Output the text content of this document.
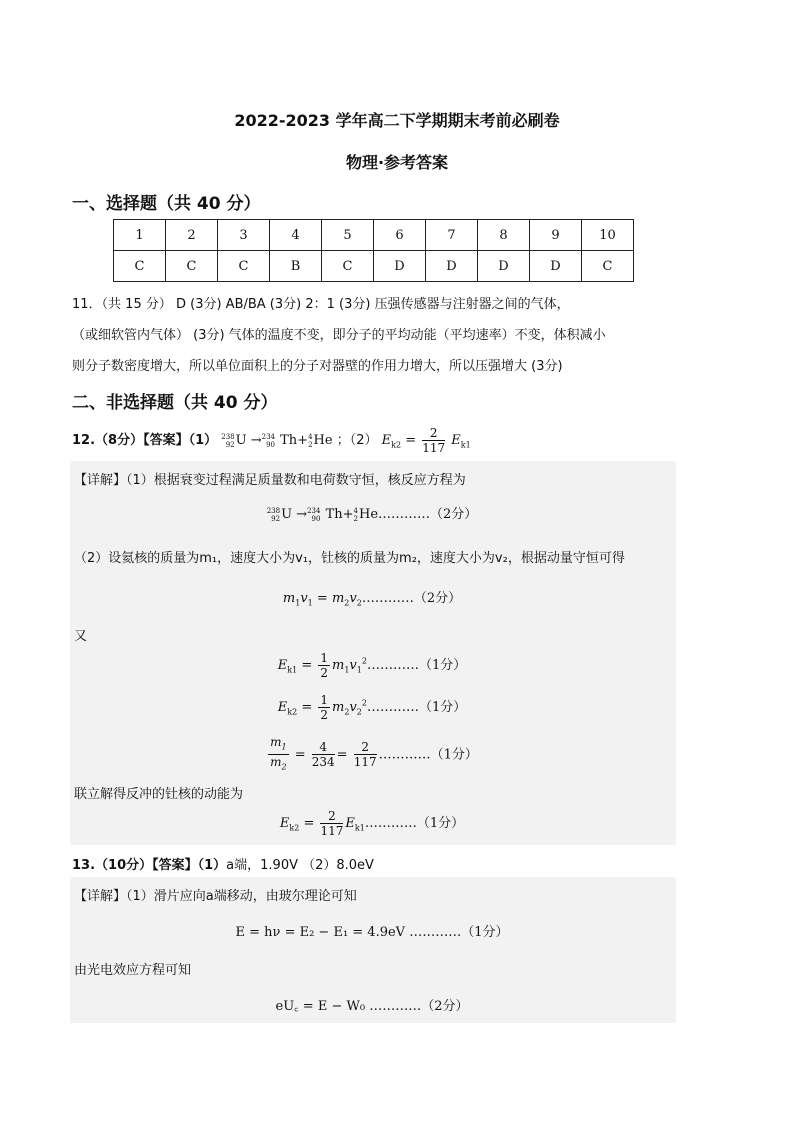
2022-2023 学年高二下学期期末考前必刷卷
物理·参考答案
一、选择题（共 40 分）
1	2	3	4	5	6	7	8	9	10
C	C	C	B	C	D	D	D	D	C
11．（共 15 分） D (3分) AB/BA (3分) 2：1 (3分) 压强传感器与注射器之间的气体，
（或细软管内气体） (3分) 气体的温度不变，即分子的平均动能（平均速率）不变，体积减小
则分子数密度增大，所以单位面积上的分子对器壁的作用力增大，所以压强增大 (3分)
二、非选择题（共 40 分）
12.（8分）【答案】（1） 238
92U →234
90 Th+4
2He ；（2） $E_{k2} = \frac{2}{117} E_{k1}$
【详解】（1）根据衰变过程满足质量数和电荷数守恒，核反应方程为
238
92U →234
90 Th+4
2He…………（2分）
（2）设氦核的质量为m₁，速度大小为v₁，钍核的质量为m₂，速度大小为v₂，根据动量守恒可得
$m_1v_1$ = $m_2v_2\dots\dots\dots\dots(2$分）
又
$E_{k1} = \frac{1}{2}$ $m_1v_1^2\dots\dots\dots\dots(1$分）
$E_{k2} = \frac{1}{2}$ $m_2v_2^2\dots\dots\dots\dots(1$分）
$\frac{m_1}{m_2} = \frac{4}{234} = \frac{2}{117}$ …………（1分）
联立解得反冲的钍核的动能为
$E_{k2} = \frac{2}{117}$ $E_{k1}\dots\dots\dots\dots(1$分）
13.（10分）【答案】（1）a端，1.90V （2）8.0eV
【详解】（1）滑片应向a端移动，由玻尔理论可知
E = hν = E₂ − E₁ = 4.9eV …………（1分）
由光电效应方程可知
eU꜀ = E − W₀ …………（2分）
